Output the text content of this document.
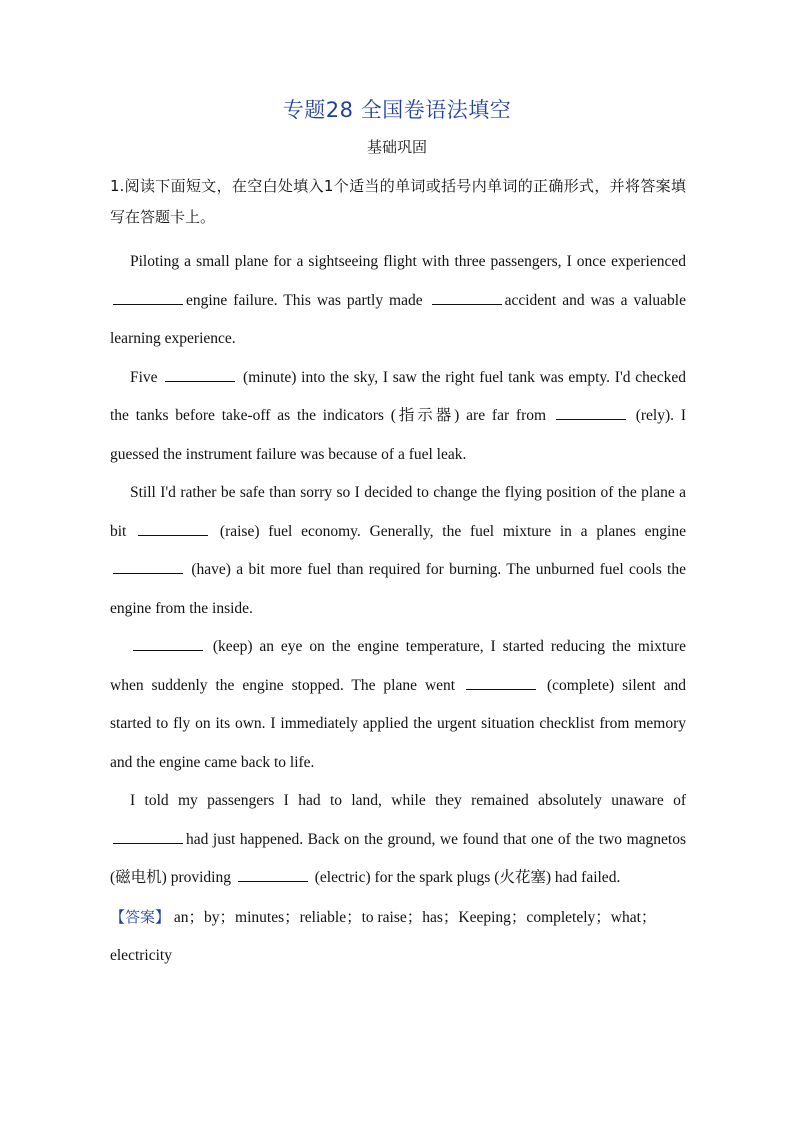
专题28 全国卷语法填空
基础巩固

1.阅读下面短文，在空白处填入1个适当的单词或括号内单词的正确形式，并将答案填写在答题卡上。

Piloting a small plane for a sightseeing flight with three passengers, I once experienced engine failure. This was partly made	accident and was a valuable learning experience.

Five	(minute) into the sky, I saw the right fuel tank was empty. I'd checked the tanks before take-off as the indicators (指示器) are far from	(rely). I guessed the instrument failure was because of a fuel leak.

Still I'd rather be safe than sorry so I decided to change the flying position of the plane a bit	(raise) fuel economy. Generally, the fuel mixture in a planes engine  (have) a bit more fuel than required for burning. The unburned fuel cools the engine from the inside.

(keep) an eye on the engine temperature, I started reducing the mixture when suddenly the engine stopped. The plane went	(complete) silent and started to fly on its own. I immediately applied the urgent situation checklist from memory and the engine came back to life.

I told my passengers I had to land, while they remained absolutely unaware of had just happened. Back on the ground, we found that one of the two magnetos (磁电机) providing	(electric) for the spark plugs (火花塞) had failed.

【答案】 an；by；minutes；reliable；to raise；has；Keeping；completely；what；electricity
